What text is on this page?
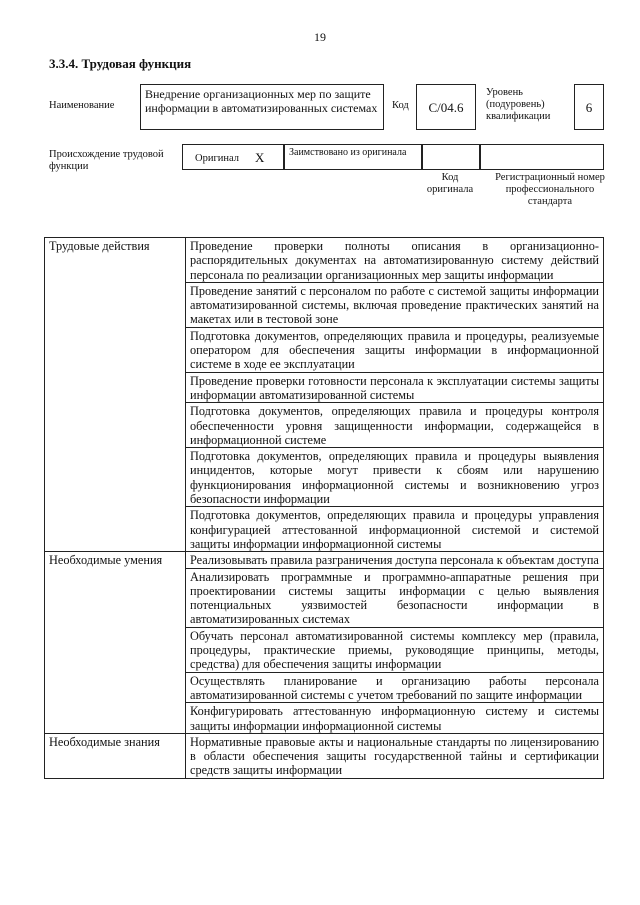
19
3.3.4. Трудовая функция
Наименование
Внедрение организационных мер по защите информации в автоматизированных системах	Код	C/04.6
Уровень (подуровень) квалификации
6
Происхождение трудовой функции
Оригинал X Заимствовано из оригинала
Код оригинала
Регистрационный номер профессионального стандарта
Трудовые действия	Проведение проверки полноты описания в организационно-распорядительных документах на автоматизированную систему действий персонала по реализации организационных мер защиты информации
	Проведение занятий с персоналом по работе с системой защиты информации автоматизированной системы, включая проведение практических занятий на макетах или в тестовой зоне
	Подготовка документов, определяющих правила и процедуры, реализуемые оператором для обеспечения защиты информации в информационной системе в ходе ее эксплуатации
	Проведение проверки готовности персонала к эксплуатации системы защиты информации автоматизированной системы
	Подготовка документов, определяющих правила и процедуры контроля обеспеченности уровня защищенности информации, содержащейся в информационной системе
	Подготовка документов, определяющих правила и процедуры выявления инцидентов, которые могут привести к сбоям или нарушению функционирования информационной системы и возникновению угроз безопасности информации
	Подготовка документов, определяющих правила и процедуры управления конфигурацией аттестованной информационной системой и системой защиты информации информационной системы
Необходимые умения	Реализовывать правила разграничения доступа персонала к объектам доступа
	Анализировать программные и программно-аппаратные решения при проектировании системы защиты информации с целью выявления потенциальных уязвимостей безопасности информации в автоматизированных системах
	Обучать персонал автоматизированной системы комплексу мер (правила, процедуры, практические приемы, руководящие принципы, методы, средства) для обеспечения защиты информации
	Осуществлять планирование и организацию работы персонала автоматизированной системы с учетом требований по защите информации
	Конфигурировать аттестованную информационную систему и системы защиты информации информационной системы
Необходимые знания	Нормативные правовые акты и национальные стандарты по лицензированию в области обеспечения защиты государственной тайны и сертификации средств защиты информации
